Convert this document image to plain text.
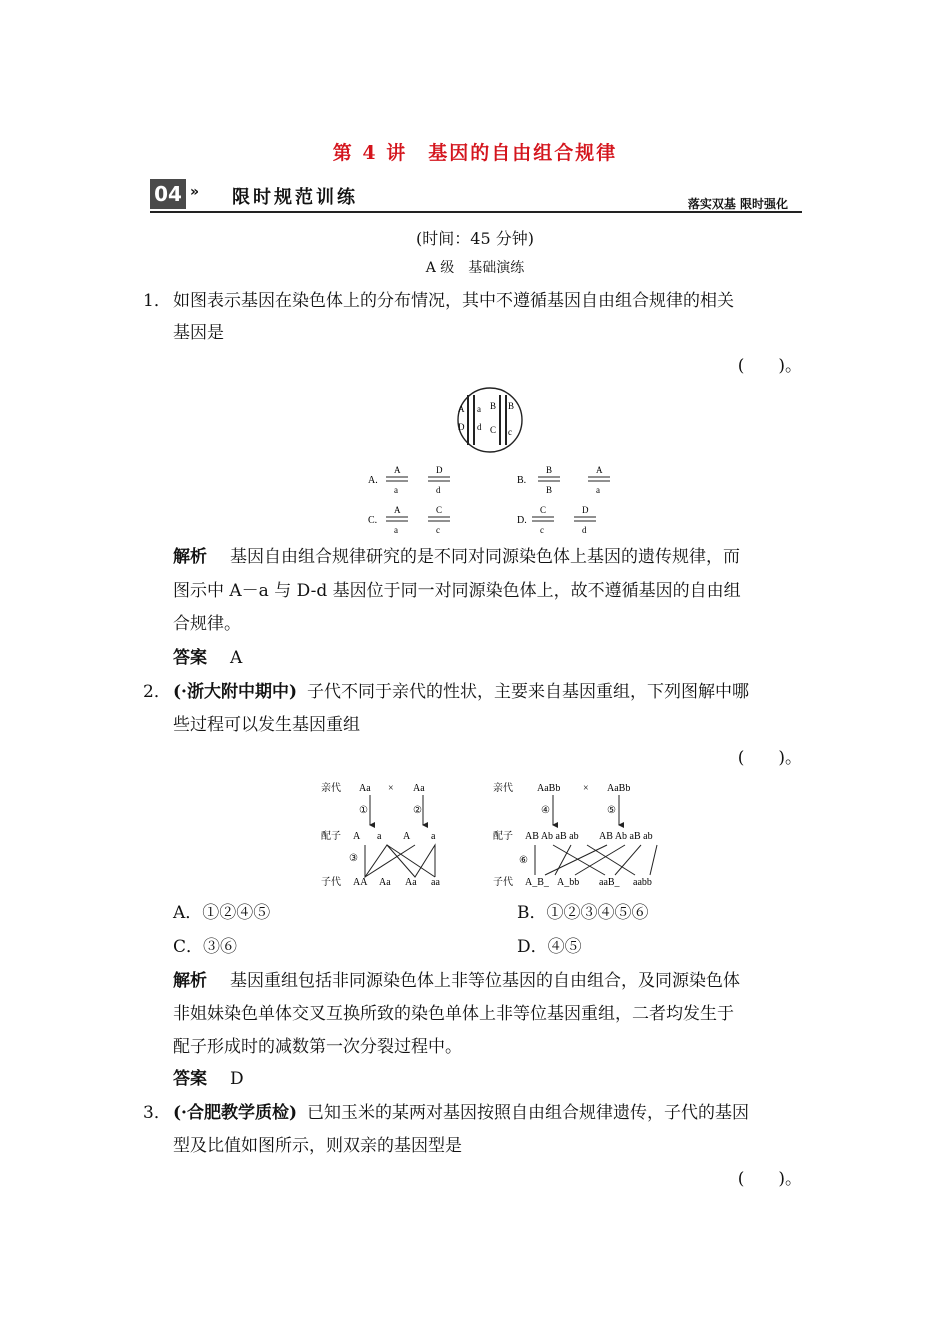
第 4 讲　基因的自由组合规律
04 » 限时规范训练	落实双基 限时强化
(时间：45 分钟)
A 级　基础演练
1． 如图表示基因在染色体上的分布情况，其中不遵循基因自由组合规律的相关
基因是
(　　)。
A
D
a
d
B B
C c
A.
A
a
D
d
B.
B
B
A
a
C.
A
a
C
c
D.
C
c
D
d
解析 基因自由组合规律研究的是不同对同源染色体上基因的遗传规律，而
图示中 A－a 与 D-d 基因位于同一对同源染色体上，故不遵循基因的自由组
合规律。
答案 A
2． (·浙大附中期中) 子代不同于亲代的性状，主要来自基因重组，下列图解中哪
些过程可以发生基因重组
(　　)。
亲代 Aa × Aa
①	②
配子 A a A a
③
子代 AA Aa Aa aa
亲代 AaBb × AaBb
④	⑤
配子 AB Ab aB ab AB Ab aB ab
⑥
子代 A_B_ A_bb aaB_ aabb
A．①②④⑤	B．①②③④⑤⑥
C．③⑥	D．④⑤
解析 基因重组包括非同源染色体上非等位基因的自由组合，及同源染色体
非姐妹染色单体交叉互换所致的染色单体上非等位基因重组，二者均发生于
配子形成时的减数第一次分裂过程中。
答案 D
3． (·合肥教学质检) 已知玉米的某两对基因按照自由组合规律遗传，子代的基因
型及比值如图所示，则双亲的基因型是
(　　)。
